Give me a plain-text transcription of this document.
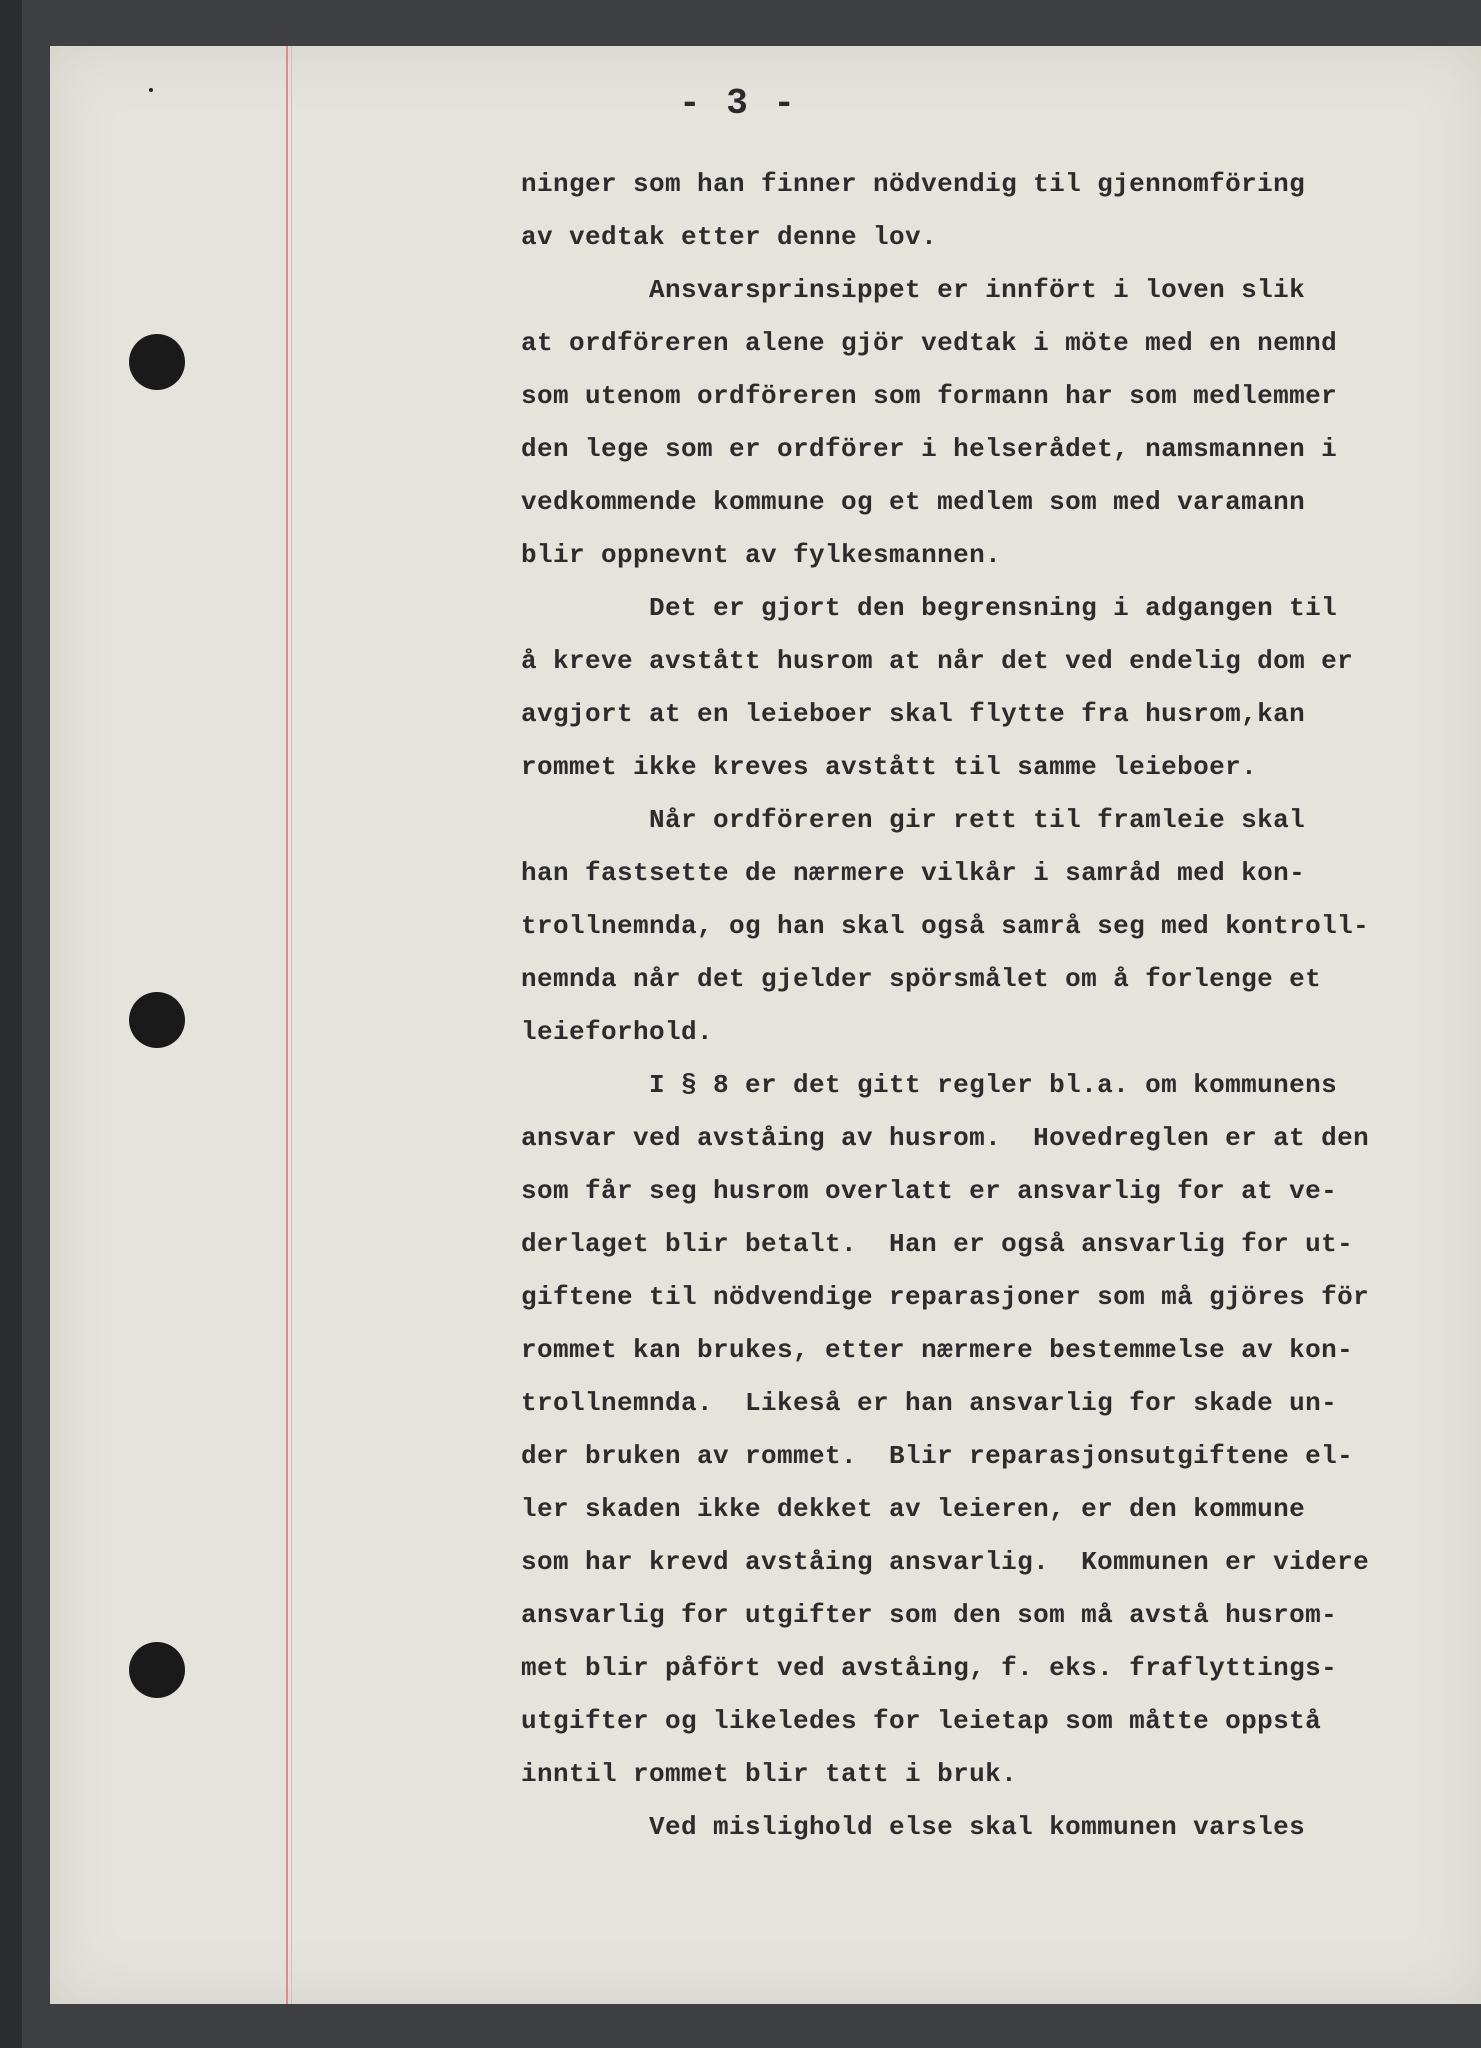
- 3 -
ninger som han finner nödvendig til gjennomföring
av vedtak etter denne lov.
Ansvarsprinsippet er innfört i loven slik
at ordföreren alene gjör vedtak i möte med en nemnd
som utenom ordföreren som formann har som medlemmer
den lege som er ordförer i helserådet, namsmannen i
vedkommende kommune og et medlem som med varamann
blir oppnevnt av fylkesmannen.
Det er gjort den begrensning i adgangen til
å kreve avstått husrom at når det ved endelig dom er
avgjort at en leieboer skal flytte fra husrom,kan
rommet ikke kreves avstått til samme leieboer.
Når ordföreren gir rett til framleie skal
han fastsette de nærmere vilkår i samråd med kon-
trollnemnda, og han skal også samrå seg med kontroll-
nemnda når det gjelder spörsmålet om å forlenge et
leieforhold.
I § 8 er det gitt regler bl.a. om kommunens
ansvar ved avståing av husrom.  Hovedreglen er at den
som får seg husrom overlatt er ansvarlig for at ve-
derlaget blir betalt.  Han er også ansvarlig for ut-
giftene til nödvendige reparasjoner som må gjöres för
rommet kan brukes, etter nærmere bestemmelse av kon-
trollnemnda.  Likeså er han ansvarlig for skade un-
der bruken av rommet.  Blir reparasjonsutgiftene el-
ler skaden ikke dekket av leieren, er den kommune
som har krevd avståing ansvarlig.  Kommunen er videre
ansvarlig for utgifter som den som må avstå husrom-
met blir påfört ved avståing, f. eks. fraflyttings-
utgifter og likeledes for leietap som måtte oppstå
inntil rommet blir tatt i bruk.
Ved mislighold else skal kommunen varsles
